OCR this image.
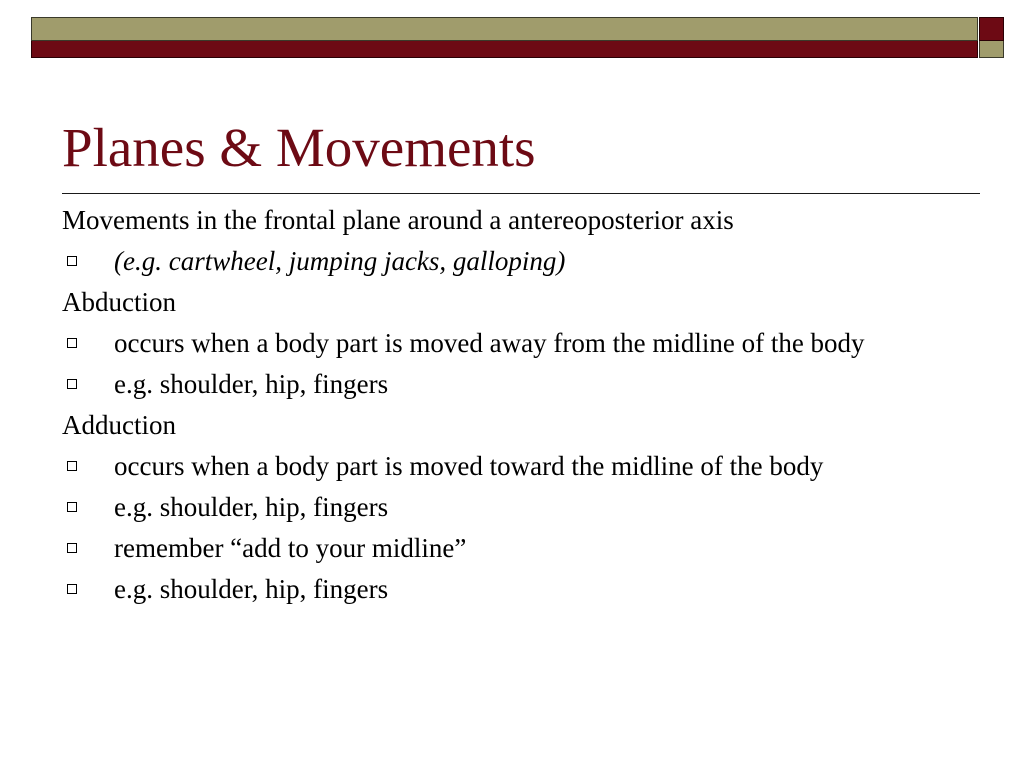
Planes & Movements
Movements in the frontal plane around a antereoposterior axis
(e.g. cartwheel, jumping jacks, galloping)
Abduction
occurs when a body part is moved away from the midline of the body
e.g. shoulder, hip, fingers
Adduction
occurs when a body part is moved toward the midline of the body
e.g. shoulder, hip, fingers
remember “add to your midline”
e.g. shoulder, hip, fingers
